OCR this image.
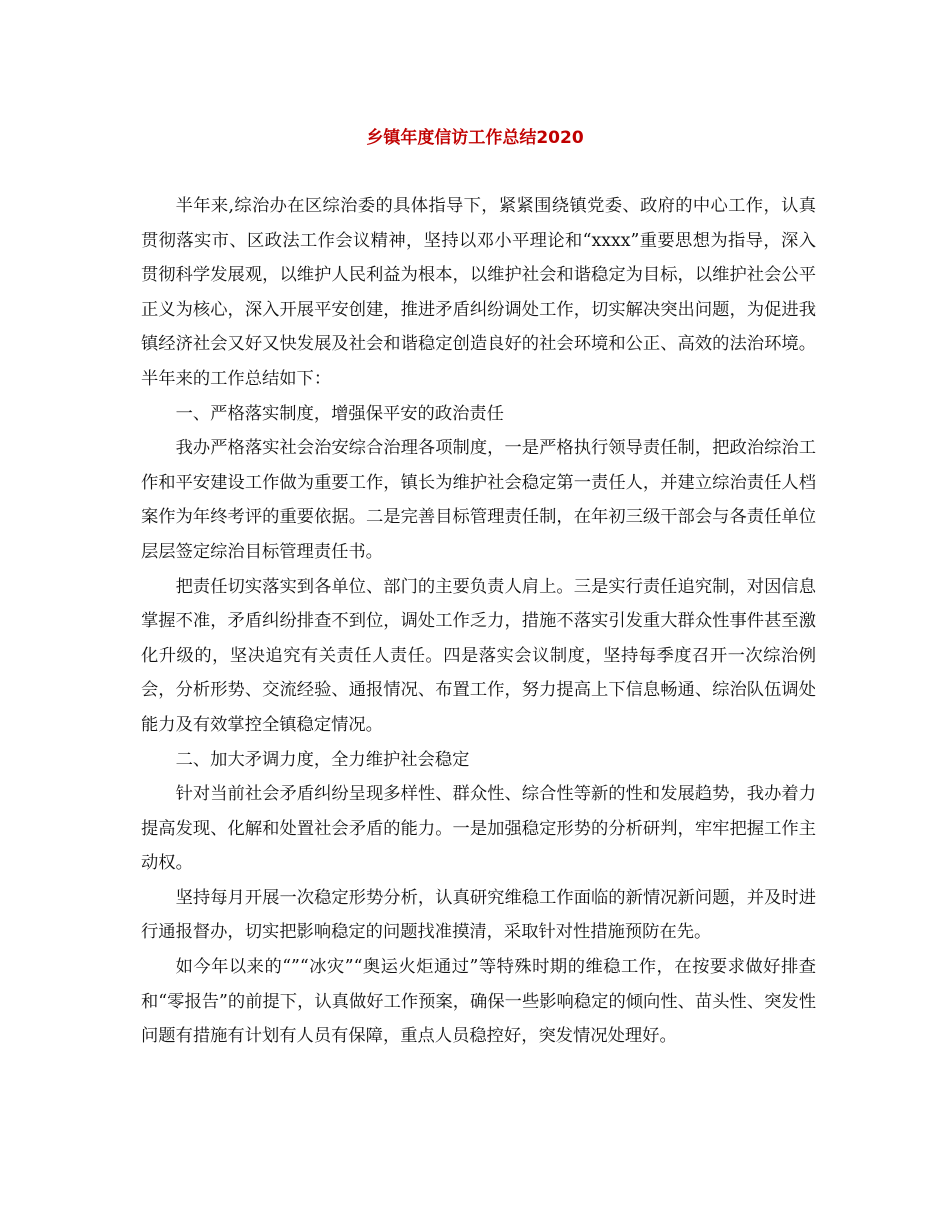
乡镇年度信访工作总结2020

半年来,综治办在区综治委的具体指导下，紧紧围绕镇党委、政府的中心工作，认真贯彻落实市、区政法工作会议精神，坚持以邓小平理论和“xxxx”重要思想为指导，深入贯彻科学发展观，以维护人民利益为根本，以维护社会和谐稳定为目标，以维护社会公平正义为核心，深入开展平安创建，推进矛盾纠纷调处工作，切实解决突出问题，为促进我镇经济社会又好又快发展及社会和谐稳定创造良好的社会环境和公正、高效的法治环境。半年来的工作总结如下：

一、严格落实制度，增强保平安的政治责任

我办严格落实社会治安综合治理各项制度，一是严格执行领导责任制，把政治综治工作和平安建设工作做为重要工作，镇长为维护社会稳定第一责任人，并建立综治责任人档案作为年终考评的重要依据。二是完善目标管理责任制，在年初三级干部会与各责任单位层层签定综治目标管理责任书。

把责任切实落实到各单位、部门的主要负责人肩上。三是实行责任追究制，对因信息掌握不准，矛盾纠纷排查不到位，调处工作乏力，措施不落实引发重大群众性事件甚至激化升级的，坚决追究有关责任人责任。四是落实会议制度，坚持每季度召开一次综治例会，分析形势、交流经验、通报情况、布置工作，努力提高上下信息畅通、综治队伍调处能力及有效掌控全镇稳定情况。

二、加大矛调力度，全力维护社会稳定

针对当前社会矛盾纠纷呈现多样性、群众性、综合性等新的性和发展趋势，我办着力提高发现、化解和处置社会矛盾的能力。一是加强稳定形势的分析研判，牢牢把握工作主动权。

坚持每月开展一次稳定形势分析，认真研究维稳工作面临的新情况新问题，并及时进行通报督办，切实把影响稳定的问题找准摸清，采取针对性措施预防在先。

如今年以来的“”“冰灾”“奥运火炬通过”等特殊时期的维稳工作，在按要求做好排查和“零报告”的前提下，认真做好工作预案，确保一些影响稳定的倾向性、苗头性、突发性问题有措施有计划有人员有保障，重点人员稳控好，突发情况处理好。
